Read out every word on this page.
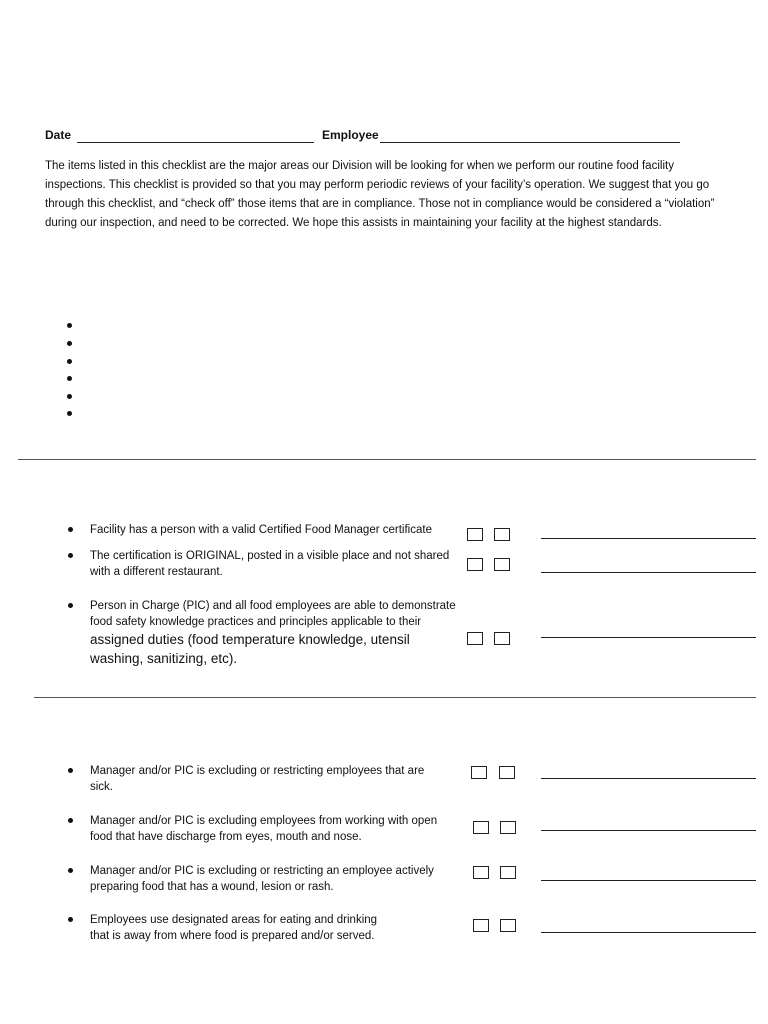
Date	Employee
The items listed in this checklist are the major areas our Division will be looking for when we perform our routine food facility inspections. This checklist is provided so that you may perform periodic reviews of your facility’s operation. We suggest that you go through this checklist, and “check off” those items that are in compliance. Those not in compliance would be considered a “violation” during our inspection, and need to be corrected. We hope this assists in maintaining your facility at the highest standards.
Facility has a person with a valid Certified Food Manager certificate
The certification is ORIGINAL, posted in a visible place and not shared with a different restaurant.
Person in Charge (PIC) and all food employees are able to demonstrate food safety knowledge practices and principles applicable to their
assigned duties (food temperature knowledge, utensil washing, sanitizing, etc).
Manager and/or PIC is excluding or restricting employees that are sick.
Manager and/or PIC is excluding employees from working with open food that have discharge from eyes, mouth and nose.
Manager and/or PIC is excluding or restricting an employee actively preparing food that has a wound, lesion or rash.
Employees use designated areas for eating and drinking that is away from where food is prepared and/or served.
